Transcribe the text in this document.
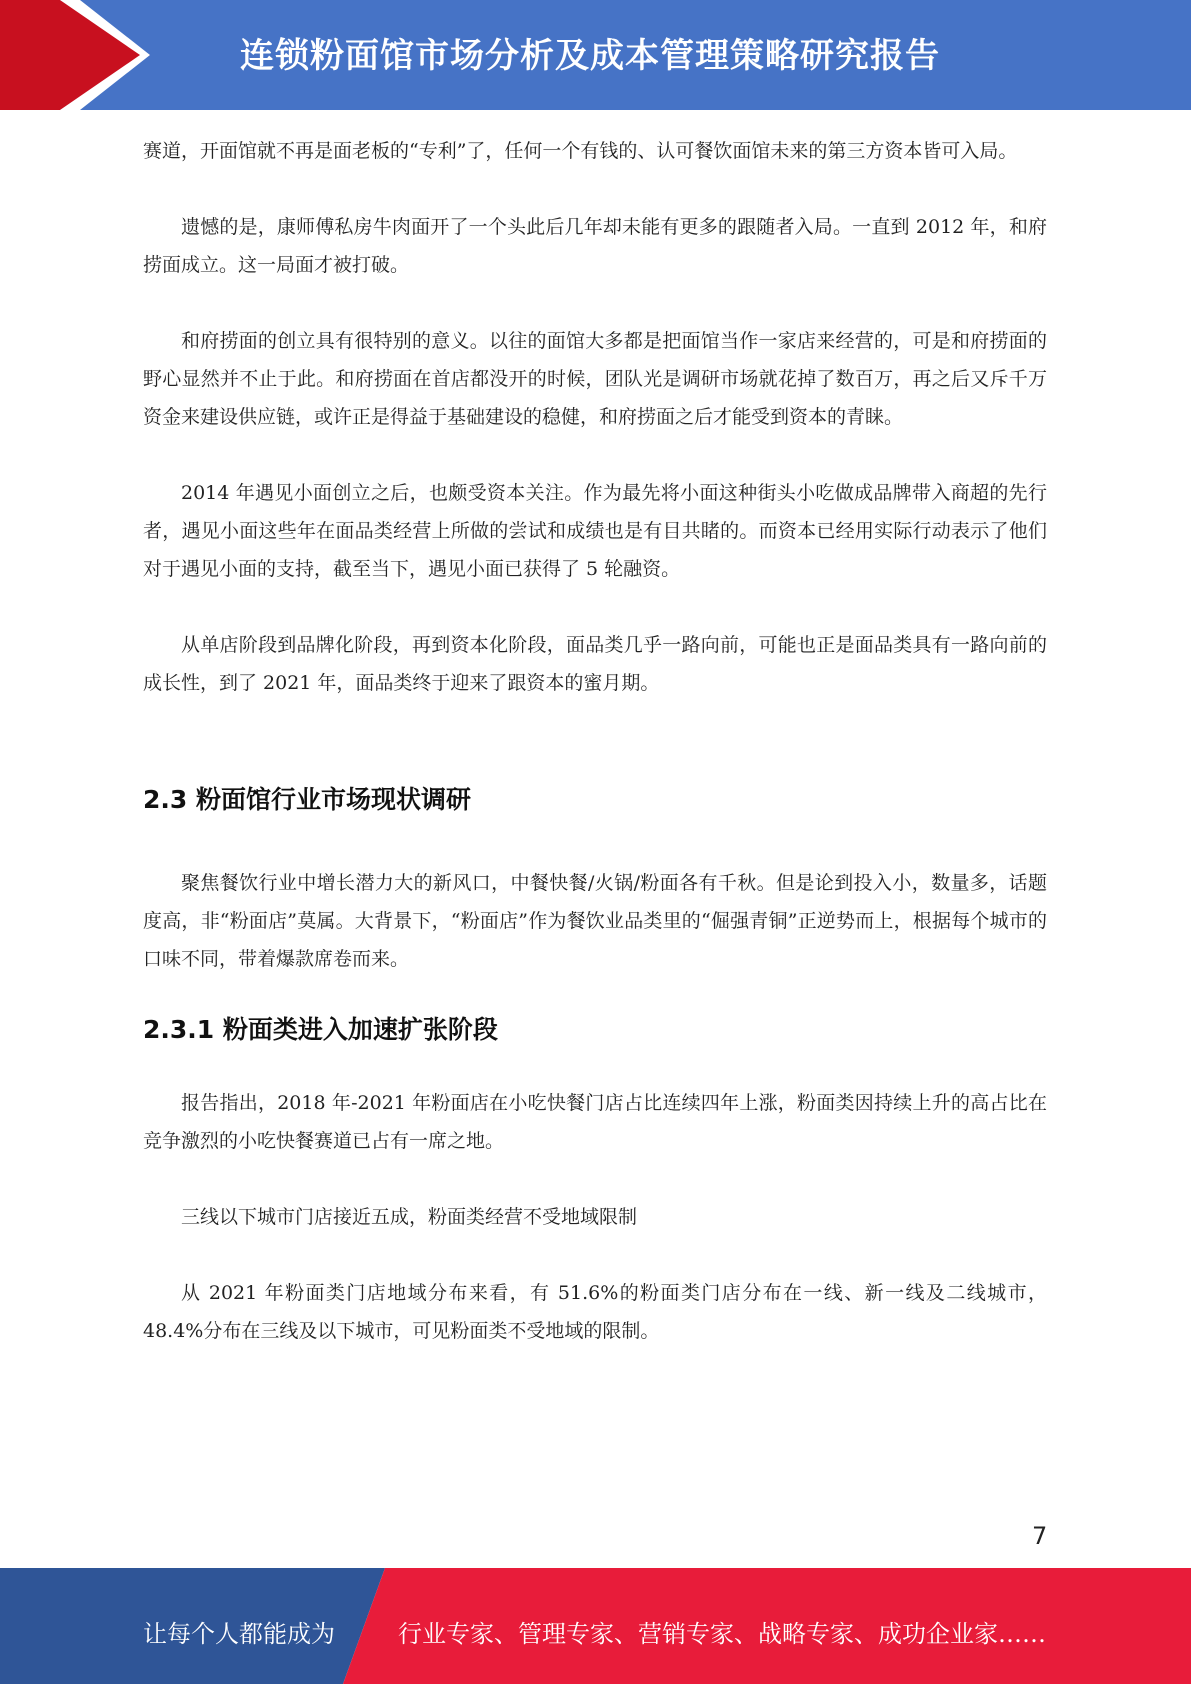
连锁粉面馆市场分析及成本管理策略研究报告

赛道，开面馆就不再是面老板的“专利”了，任何一个有钱的、认可餐饮面馆未来的第三方资本皆可入局。

遗憾的是，康师傅私房牛肉面开了一个头此后几年却未能有更多的跟随者入局。一直到 2012 年，和府捞面成立。这一局面才被打破。

和府捞面的创立具有很特别的意义。以往的面馆大多都是把面馆当作一家店来经营的，可是和府捞面的野心显然并不止于此。和府捞面在首店都没开的时候，团队光是调研市场就花掉了数百万，再之后又斥千万资金来建设供应链，或许正是得益于基础建设的稳健，和府捞面之后才能受到资本的青睐。

2014 年遇见小面创立之后，也颇受资本关注。作为最先将小面这种街头小吃做成品牌带入商超的先行者，遇见小面这些年在面品类经营上所做的尝试和成绩也是有目共睹的。而资本已经用实际行动表示了他们对于遇见小面的支持，截至当下，遇见小面已获得了 5 轮融资。

从单店阶段到品牌化阶段，再到资本化阶段，面品类几乎一路向前，可能也正是面品类具有一路向前的成长性，到了 2021 年，面品类终于迎来了跟资本的蜜月期。

2.3 粉面馆行业市场现状调研

聚焦餐饮行业中增长潜力大的新风口，中餐快餐/火锅/粉面各有千秋。但是论到投入小，数量多，话题度高，非“粉面店”莫属。大背景下，“粉面店”作为餐饮业品类里的“倔强青铜”正逆势而上，根据每个城市的口味不同，带着爆款席卷而来。

2.3.1 粉面类进入加速扩张阶段

报告指出，2018 年-2021 年粉面店在小吃快餐门店占比连续四年上涨，粉面类因持续上升的高占比在竞争激烈的小吃快餐赛道已占有一席之地。

三线以下城市门店接近五成，粉面类经营不受地域限制

从 2021 年粉面类门店地域分布来看，有 51.6%的粉面类门店分布在一线、新一线及二线城市，48.4%分布在三线及以下城市，可见粉面类不受地域的限制。

7
让每个人都能成为	行业专家、管理专家、营销专家、战略专家、成功企业家……
